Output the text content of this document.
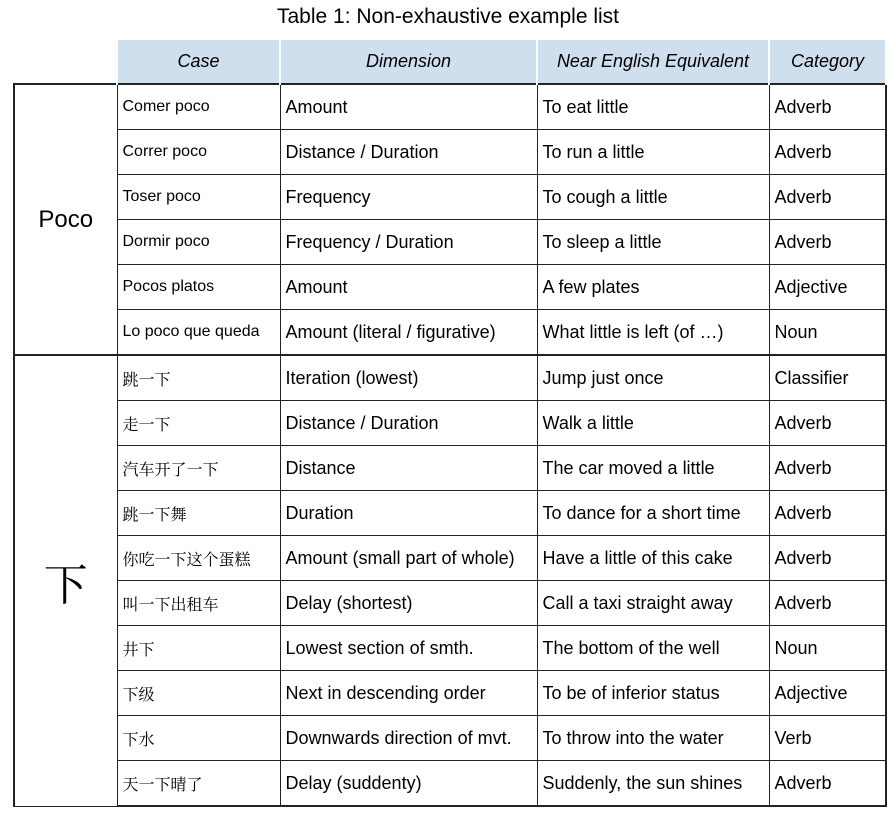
Table 1: Non-exhaustive example list
	Case	Dimension	Near English Equivalent	Category
Poco	Comer poco	Amount	To eat little	Adverb
	Correr poco	Distance / Duration	To run a little	Adverb
	Toser poco	Frequency	To cough a little	Adverb
	Dormir poco	Frequency / Duration	To sleep a little	Adverb
	Pocos platos	Amount	A few plates	Adjective
	Lo poco que queda	Amount (literal / figurative)	What little is left (of …)	Noun
下	跳一下	Iteration (lowest)	Jump just once	Classifier
	走一下	Distance / Duration	Walk a little	Adverb
	汽车开了一下	Distance	The car moved a little	Adverb
	跳一下舞	Duration	To dance for a short time	Adverb
	你吃一下这个蛋糕	Amount (small part of whole)	Have a little of this cake	Adverb
	叫一下出租车	Delay (shortest)	Call a taxi straight away	Adverb
	井下	Lowest section of smth.	The bottom of the well	Noun
	下级	Next in descending order	To be of inferior status	Adjective
	下水	Downwards direction of mvt.	To throw into the water	Verb
	天一下晴了	Delay (suddenty)	Suddenly, the sun shines	Adverb
